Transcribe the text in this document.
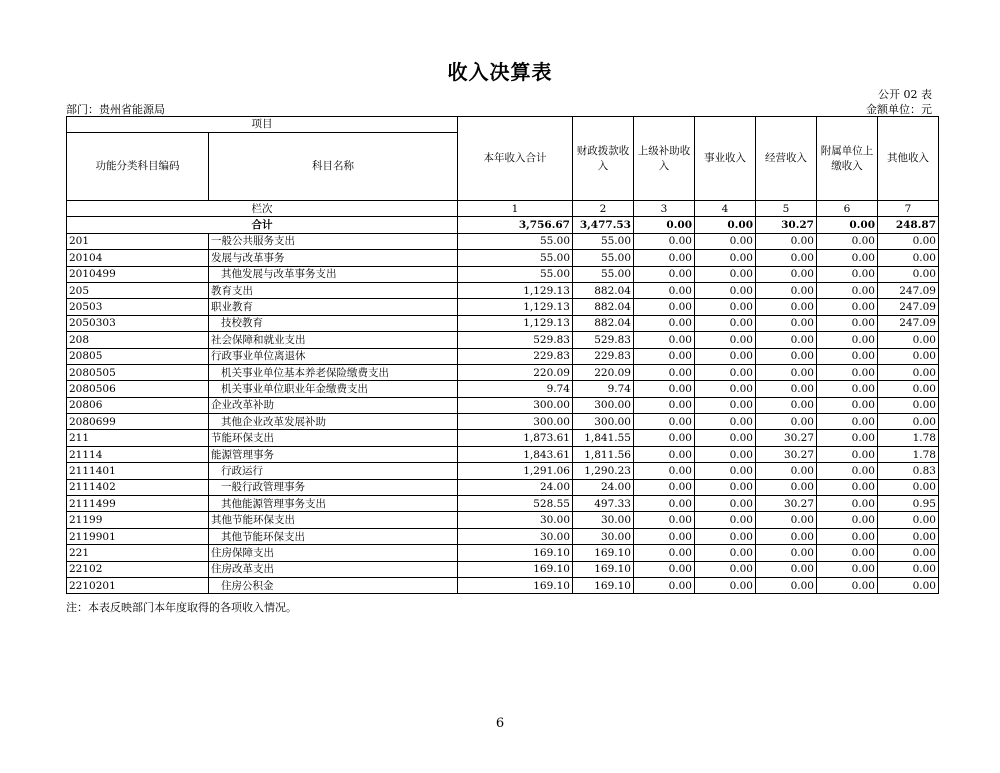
收入决算表
公开 02 表
部门：贵州省能源局	金额单位：元
项目		本年收入合计	财政拨款收入	上级补助收入	事业收入	经营收入	附属单位上缴收入	其他收入
功能分类科目编码	科目名称							
栏次		1	2	3	4	5	6	7
合计		3,756.67	3,477.53	0.00	0.00	30.27	0.00	248.87
201	一般公共服务支出	55.00	55.00	0.00	0.00	0.00	0.00	0.00
20104	发展与改革事务	55.00	55.00	0.00	0.00	0.00	0.00	0.00
2010499	其他发展与改革事务支出	55.00	55.00	0.00	0.00	0.00	0.00	0.00
205	教育支出	1,129.13	882.04	0.00	0.00	0.00	0.00	247.09
20503	职业教育	1,129.13	882.04	0.00	0.00	0.00	0.00	247.09
2050303	技校教育	1,129.13	882.04	0.00	0.00	0.00	0.00	247.09
208	社会保障和就业支出	529.83	529.83	0.00	0.00	0.00	0.00	0.00
20805	行政事业单位离退休	229.83	229.83	0.00	0.00	0.00	0.00	0.00
2080505	机关事业单位基本养老保险缴费支出	220.09	220.09	0.00	0.00	0.00	0.00	0.00
2080506	机关事业单位职业年金缴费支出	9.74	9.74	0.00	0.00	0.00	0.00	0.00
20806	企业改革补助	300.00	300.00	0.00	0.00	0.00	0.00	0.00
2080699	其他企业改革发展补助	300.00	300.00	0.00	0.00	0.00	0.00	0.00
211	节能环保支出	1,873.61	1,841.55	0.00	0.00	30.27	0.00	1.78
21114	能源管理事务	1,843.61	1,811.56	0.00	0.00	30.27	0.00	1.78
2111401	行政运行	1,291.06	1,290.23	0.00	0.00	0.00	0.00	0.83
2111402	一般行政管理事务	24.00	24.00	0.00	0.00	0.00	0.00	0.00
2111499	其他能源管理事务支出	528.55	497.33	0.00	0.00	30.27	0.00	0.95
21199	其他节能环保支出	30.00	30.00	0.00	0.00	0.00	0.00	0.00
2119901	其他节能环保支出	30.00	30.00	0.00	0.00	0.00	0.00	0.00
221	住房保障支出	169.10	169.10	0.00	0.00	0.00	0.00	0.00
22102	住房改革支出	169.10	169.10	0.00	0.00	0.00	0.00	0.00
2210201	住房公积金	169.10	169.10	0.00	0.00	0.00	0.00	0.00
注：本表反映部门本年度取得的各项收入情况。
6
